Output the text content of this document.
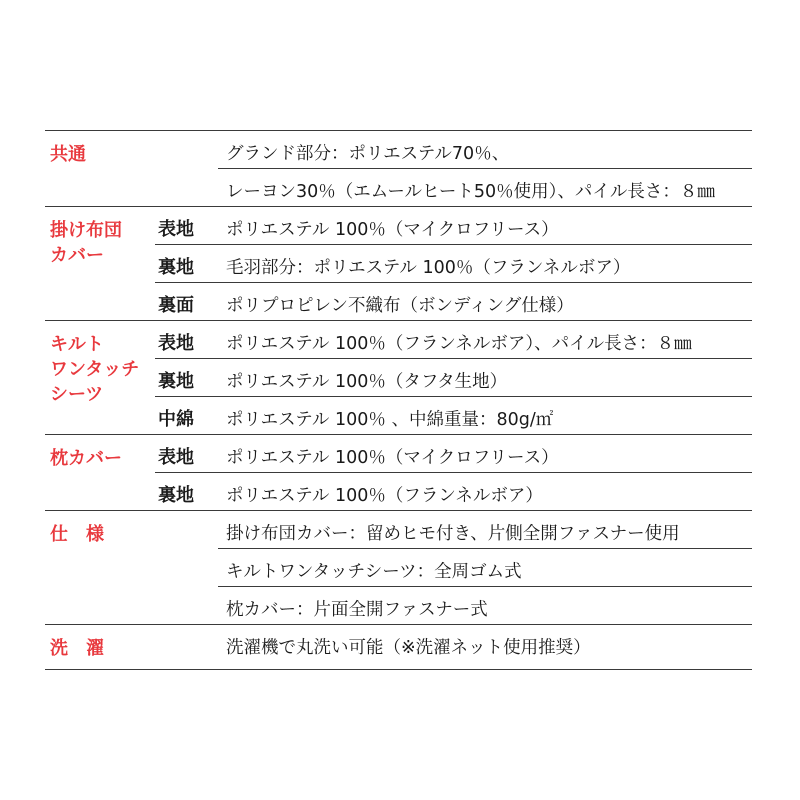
共通
掛け布団
カバー
キルト
ワンタッチ
シーツ
枕カバー
仕　様
洗　濯
表地
裏地
裏面
表地
裏地
中綿
表地
裏地
グランド部分：ポリエステル70％、
レーヨン30％（エムールヒート50％使用）、パイル長さ：８㎜
ポリエステル 100％（マイクロフリース）
毛羽部分：ポリエステル 100％（フランネルボア）
ポリプロピレン不織布（ボンディング仕様）
ポリエステル 100％（フランネルボア）、パイル長さ：８㎜
ポリエステル 100％（タフタ生地）
ポリエステル 100％ 、中綿重量：80g/㎡
ポリエステル 100％（マイクロフリース）
ポリエステル 100％（フランネルボア）
掛け布団カバー：留めヒモ付き、片側全開ファスナー使用
キルトワンタッチシーツ：全周ゴム式
枕カバー：片面全開ファスナー式
洗濯機で丸洗い可能（※洗濯ネット使用推奨）
